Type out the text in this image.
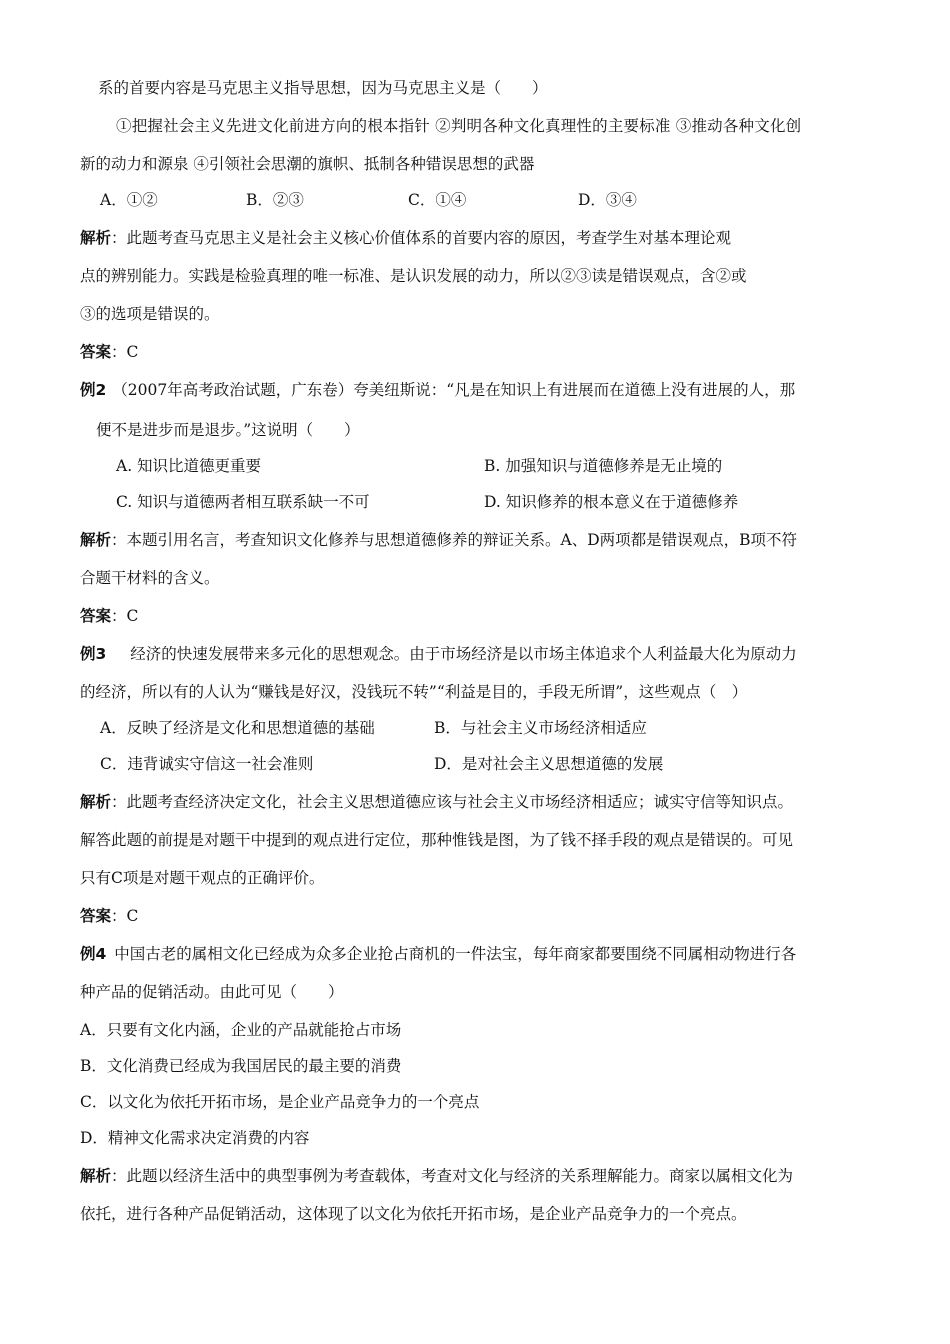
系的首要内容是马克思主义指导思想，因为马克思主义是（　　）
①把握社会主义先进文化前进方向的根本指针 ②判明各种文化真理性的主要标准 ③推动各种文化创
新的动力和源泉 ④引领社会思潮的旗帜、抵制各种错误思想的武器
A．①②	B．②③	C．①④	D．③④
解析：此题考查马克思主义是社会主义核心价值体系的首要内容的原因，考查学生对基本理论观
点的辨别能力。实践是检验真理的唯一标准、是认识发展的动力，所以②③读是错误观点，含②或
③的选项是错误的。
答案：C
例2 （2007年高考政治试题，广东卷）夸美纽斯说：“凡是在知识上有进展而在道德上没有进展的人，那
便不是进步而是退步。”这说明（　　）
A. 知识比道德更重要	B. 加强知识与道德修养是无止境的
C. 知识与道德两者相互联系缺一不可	D. 知识修养的根本意义在于道德修养
解析：本题引用名言，考查知识文化修养与思想道德修养的辩证关系。A、D两项都是错误观点，B项不符
合题干材料的含义。
答案：C
例3 经济的快速发展带来多元化的思想观念。由于市场经济是以市场主体追求个人利益最大化为原动力
的经济，所以有的人认为“赚钱是好汉，没钱玩不转”“利益是目的，手段无所谓”，这些观点（　）
A．反映了经济是文化和思想道德的基础	B．与社会主义市场经济相适应
C．违背诚实守信这一社会准则	D．是对社会主义思想道德的发展
解析：此题考查经济决定文化，社会主义思想道德应该与社会主义市场经济相适应；诚实守信等知识点。
解答此题的前提是对题干中提到的观点进行定位，那种惟钱是图，为了钱不择手段的观点是错误的。可见
只有C项是对题干观点的正确评价。
答案：C
例4 中国古老的属相文化已经成为众多企业抢占商机的一件法宝，每年商家都要围绕不同属相动物进行各
种产品的促销活动。由此可见（　　）
A．只要有文化内涵，企业的产品就能抢占市场
B．文化消费已经成为我国居民的最主要的消费
C．以文化为依托开拓市场，是企业产品竞争力的一个亮点
D．精神文化需求决定消费的内容
解析：此题以经济生活中的典型事例为考查载体，考查对文化与经济的关系理解能力。商家以属相文化为
依托，进行各种产品促销活动，这体现了以文化为依托开拓市场，是企业产品竞争力的一个亮点。
